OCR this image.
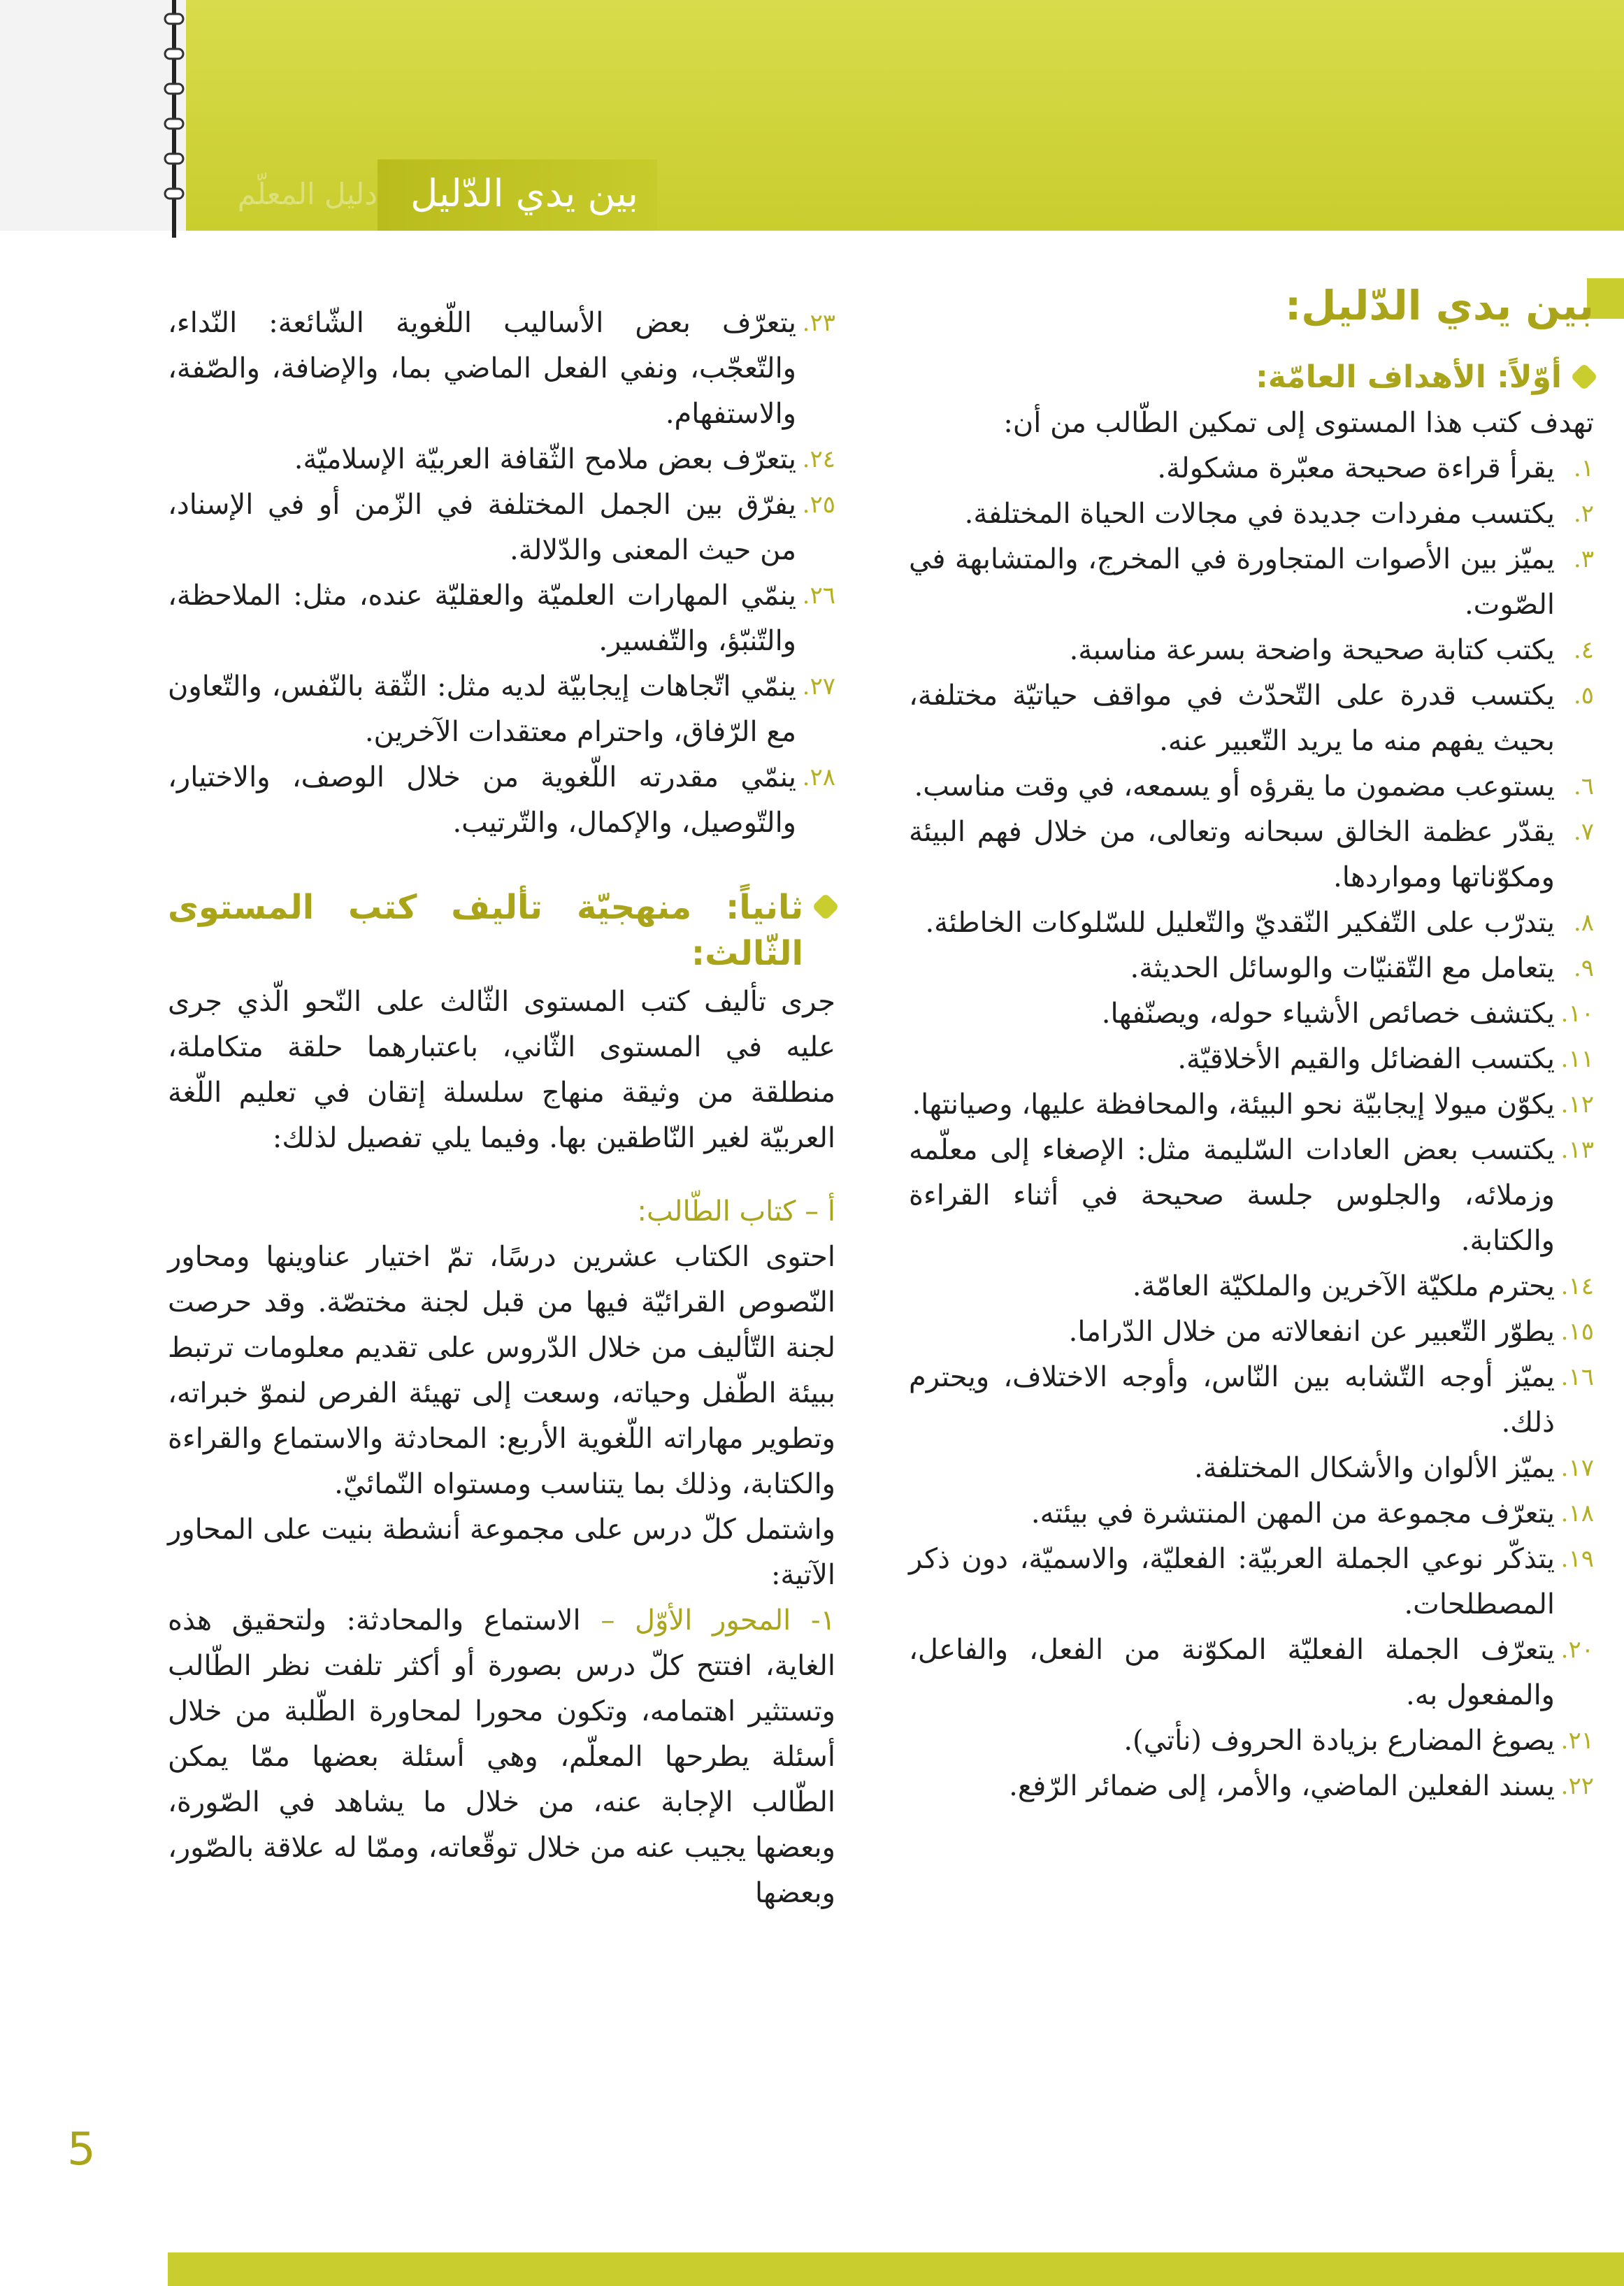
بين يدي الدّليل
دليل المعلّم
بين يدي الدّليل:
أوّلاً: الأهداف العامّة:
تهدف كتب هذا المستوى إلى تمكين الطّالب من أن:
١.
يقرأ قراءة صحيحة معبّرة مشكولة.
٢.
يكتسب مفردات جديدة في مجالات الحياة المختلفة.
٣.
يميّز بين الأصوات المتجاورة في المخرج، والمتشابهة في الصّوت.
٤.
يكتب كتابة صحيحة واضحة بسرعة مناسبة.
٥.
يكتسب قدرة على التّحدّث في مواقف حياتيّة مختلفة، بحيث يفهم منه ما يريد التّعبير عنه.
٦.
يستوعب مضمون ما يقرؤه أو يسمعه، في وقت مناسب.
٧.
يقدّر عظمة الخالق سبحانه وتعالى، من خلال فهم البيئة ومكوّناتها ومواردها.
٨.
يتدرّب على التّفكير النّقديّ والتّعليل للسّلوكات الخاطئة.
٩.
يتعامل مع التّقنيّات والوسائل الحديثة.
١٠.
يكتشف خصائص الأشياء حوله، ويصنّفها.
١١.
يكتسب الفضائل والقيم الأخلاقيّة.
١٢.
يكوّن ميولا إيجابيّة نحو البيئة، والمحافظة عليها، وصيانتها.
١٣.
يكتسب بعض العادات السّليمة مثل: الإصغاء إلى معلّمه وزملائه، والجلوس جلسة صحيحة في أثناء القراءة والكتابة.
١٤.
يحترم ملكيّة الآخرين والملكيّة العامّة.
١٥.
يطوّر التّعبير عن انفعالاته من خلال الدّراما.
١٦.
يميّز أوجه التّشابه بين النّاس، وأوجه الاختلاف، ويحترم ذلك.
١٧.
يميّز الألوان والأشكال المختلفة.
١٨.
يتعرّف مجموعة من المهن المنتشرة في بيئته.
١٩.
يتذكّر نوعي الجملة العربيّة: الفعليّة، والاسميّة، دون ذكر المصطلحات.
٢٠.
يتعرّف الجملة الفعليّة المكوّنة من الفعل، والفاعل، والمفعول به.
٢١.
يصوغ المضارع بزيادة الحروف (نأتي).
٢٢.
يسند الفعلين الماضي، والأمر، إلى ضمائر الرّفع.
٢٣.
يتعرّف بعض الأساليب اللّغوية الشّائعة: النّداء، والتّعجّب، ونفي الفعل الماضي بما، والإضافة، والصّفة، والاستفهام.
٢٤.
يتعرّف بعض ملامح الثّقافة العربيّة الإسلاميّة.
٢٥.
يفرّق بين الجمل المختلفة في الزّمن أو في الإسناد، من حيث المعنى والدّلالة.
٢٦.
ينمّي المهارات العلميّة والعقليّة عنده، مثل: الملاحظة، والتّنبّؤ، والتّفسير.
٢٧.
ينمّي اتّجاهات إيجابيّة لديه مثل: الثّقة بالنّفس، والتّعاون مع الرّفاق، واحترام معتقدات الآخرين.
٢٨.
ينمّي مقدرته اللّغوية من خلال الوصف، والاختيار، والتّوصيل، والإكمال، والتّرتيب.
ثانياً: منهجيّة تأليف كتب المستوى الثّالث:
جرى تأليف كتب المستوى الثّالث على النّحو الّذي جرى عليه في المستوى الثّاني، باعتبارهما حلقة متكاملة، منطلقة من وثيقة منهاج سلسلة إتقان في تعليم اللّغة العربيّة لغير النّاطقين بها. وفيما يلي تفصيل لذلك:
أ – كتاب الطّالب:
احتوى الكتاب عشرين درسًا، تمّ اختيار عناوينها ومحاور النّصوص القرائيّة فيها من قبل لجنة مختصّة. وقد حرصت لجنة التّأليف من خلال الدّروس على تقديم معلومات ترتبط ببيئة الطّفل وحياته، وسعت إلى تهيئة الفرص لنموّ خبراته، وتطوير مهاراته اللّغوية الأربع: المحادثة والاستماع والقراءة والكتابة، وذلك بما يتناسب ومستواه النّمائيّ.
واشتمل كلّ درس على مجموعة أنشطة بنيت على المحاور الآتية:
١- المحور الأوّل – الاستماع والمحادثة: ولتحقيق هذه الغاية، افتتح كلّ درس بصورة أو أكثر تلفت نظر الطّالب وتستثير اهتمامه، وتكون محورا لمحاورة الطّلبة من خلال أسئلة يطرحها المعلّم، وهي أسئلة بعضها ممّا يمكن الطّالب الإجابة عنه، من خلال ما يشاهد في الصّورة، وبعضها يجيب عنه من خلال توقّعاته، وممّا له علاقة بالصّور، وبعضها
5
